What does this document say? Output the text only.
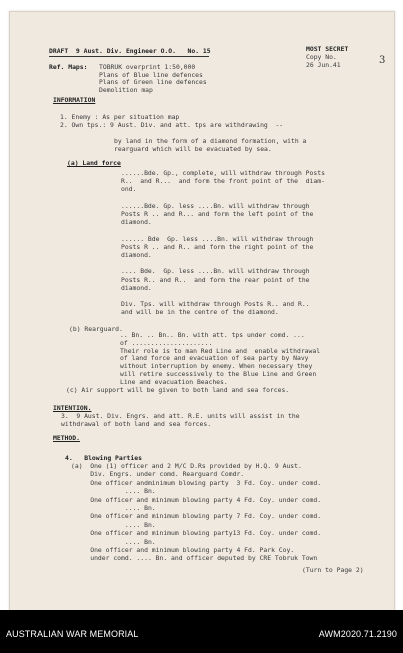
DRAFT  9 Aust. Div. Engineer O.O.   No. 15	MOST SECRET
Copy No.	3
26 Jun.41
Ref. Maps: TOBRUK overprint 1:50,000
Plans of Blue line defences
Plans of Green line defences
Demolition map
INFORMATION
1. Enemy : As per situation map
2. Own tps.: 9 Aust. Div. and att. tps are withdrawing  --
by land in the form of a diamond formation, with a
rearguard which will be evacuated by sea.
(a) Land force
......Bde. Gp., complete, will withdraw through Posts
R..  and R...  and form the front point of the  diam-
ond.
......Bde. Gp. less ....Bn. will withdraw through
Posts R .. and R... and form the left point of the
diamond.
...... Bde  Gp. less ....Bn. will withdraw through
Posts R .. and R.. and form the right point of the
diamond.
.... Bde.  Gp. less ....Bn. will withdraw through
Posts R.. and R..  and form the rear point of the
diamond.
Div. Tps. will withdraw through Posts R.. and R..
and will be in the centre of the diamond.
(b) Rearguard.
.. Bn. .. Bn.. Bn. with att. tps under comd. ...
of .....................
Their role is to man Red Line and  enable withdrawal
of land force and evacuation of sea party by Navy
without interruption by enemy. When necessary they
will retire successively to the Blue Line and Green
Line and evacuation Beaches.
(c) Air support will be given to both land and sea forces.
INTENTION.
3.  9 Aust. Div. Engrs. and att. R.E. units will assist in the
withdrawal of both land and sea forces.
METHOD.
4.   Blowing Parties
(a)  One (1) officer and 2 M/C D.Rs provided by H.Q. 9 Aust.
Div. Engrs. under comd. Rearguard Comdr.
One officer andminimum blowing party  3 Fd. Coy. under comd.
.... Bn.
One officer and minimum blowing party 4 Fd. Coy. under comd.
.... Bn.
One officer and minimum blowing party 7 Fd. Coy. under comd.
.... Bn.
One officer and minimum blowing party13 Fd. Coy. under comd.
.... Bn.
One officer and minimum blowing party 4 Fd. Park Coy.
under comd. .... Bn. and officer deputed by CRE Tobruk Town
(Turn to Page 2)
AUSTRALIAN WAR MEMORIAL	AWM2020.71.2190
